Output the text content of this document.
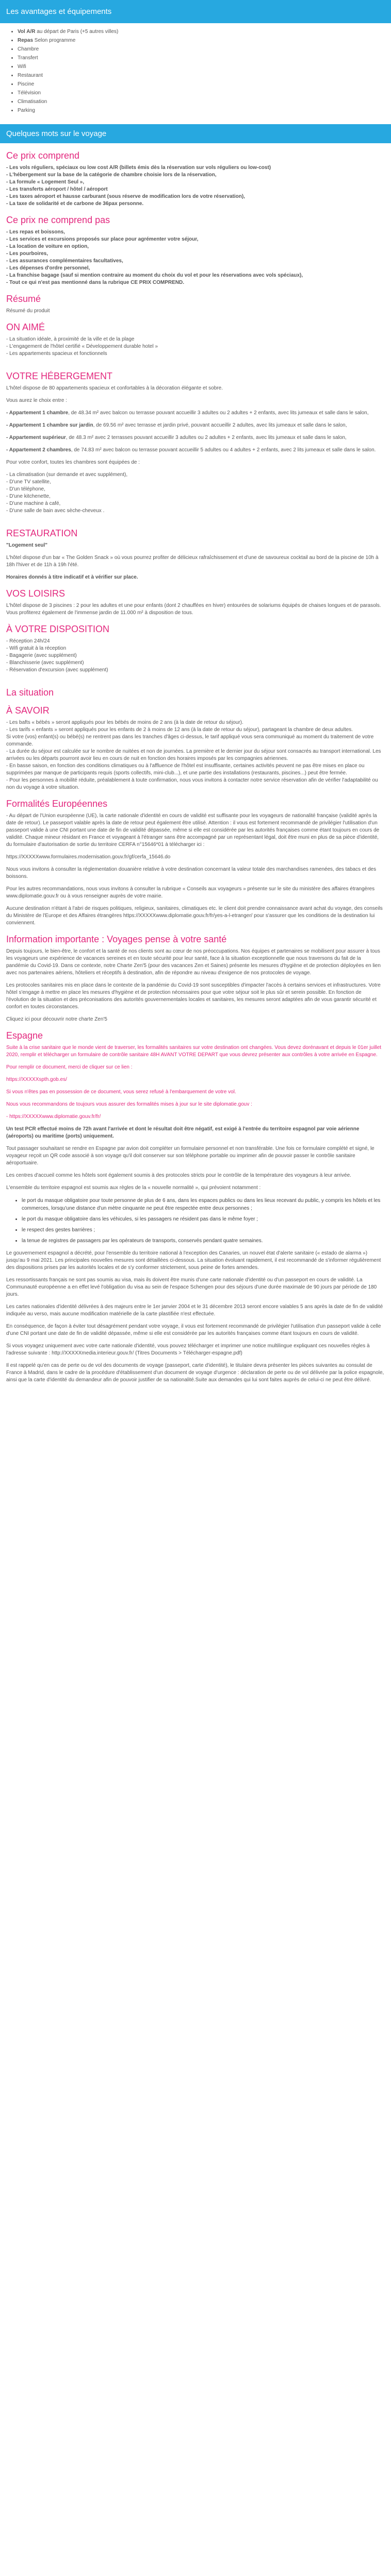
Les avantages et équipements
• Vol A/R au départ de Paris (+5 autres villes)
• Repas Selon programme
• Chambre
• Transfert
• Wifi
• Restaurant
• Piscine
• Télévision
• Climatisation
• Parking
Quelques mots sur le voyage
Ce prix comprend

- Les vols réguliers, spéciaux ou low cost A/R (billets émis dès la réservation sur vols réguliers ou low-cost)

- L'hébergement sur la base de la catégorie de chambre choisie lors de la réservation,

- La formule « Logement Seul »,

- Les transferts aéroport / hôtel / aéroport

- Les taxes aéroport et hausse carburant (sous réserve de modification lors de votre réservation),

- La taxe de solidarité et de carbone de 36pax personne.

Ce prix ne comprend pas

- Les repas et boissons,

- Les services et excursions proposés sur place pour agrémenter votre séjour,

- La location de voiture en option,

- Les pourboires,

- Les assurances complémentaires facultatives,

- Les dépenses d'ordre personnel,

- La franchise bagage (sauf si mention contraire au moment du choix du vol et pour les réservations avec vols spéciaux),

- Tout ce qui n'est pas mentionné dans la rubrique CE PRIX COMPREND.

Résumé

Résumé du produit

ON AIMÉ

- La situation idéale, à proximité de la ville et de la plage

- L'engagement de l'hôtel certifié « Développement durable hotel »

- Les appartements spacieux et fonctionnels

VOTRE HÉBERGEMENT

L'hôtel dispose de 80 appartements spacieux et confortables à la décoration élégante et sobre.

Vous aurez le choix entre :

- Appartement 1 chambre, de 48.34 m² avec balcon ou terrasse pouvant accueillir 3 adultes ou 2 adultes + 2 enfants, avec lits jumeaux et salle dans le salon,

- Appartement 1 chambre sur jardin, de 69.56 m² avec terrasse et jardin privé, pouvant accueillir 2 adultes, avec lits jumeaux et salle dans le salon,

- Appartement supérieur, de 48.3 m² avec 2 terrasses pouvant accueillir 3 adultes ou 2 adultes + 2 enfants, avec lits jumeaux et salle dans le salon,

- Appartement 2 chambres, de 74.83 m² avec balcon ou terrasse pouvant accueillir 5 adultes ou 4 adultes + 2 enfants, avec 2 lits jumeaux et salle dans le salon.

Pour votre confort, toutes les chambres sont équipées de :

- La climatisation (sur demande et avec supplément),

- D'une TV satellite,

- D'un téléphone,

- D'une kitchenette,

- D'une machine à café,

- D'une salle de bain avec sèche-cheveux .

RESTAURATION

"Logement seul"

L'hôtel dispose d'un bar « The Golden Snack » où vous pourrez profiter de délicieux rafraîchissement et d'une de savoureux cocktail au bord de la piscine de 10h à 18h l'hiver et de 11h à 19h l'été.

Horaires donnés à titre indicatif et à vérifier sur place.

VOS LOISIRS

L'hôtel dispose de 3 piscines : 2 pour les adultes et une pour enfants (dont 2 chauffées en hiver) entourées de solariums équipés de chaises longues et de parasols.
Vous profiterez également de l'immense jardin de 11.000 m² à disposition de tous.

À VOTRE DISPOSITION

- Réception 24h/24

- Wifi gratuit à la réception

- Bagagerie (avec supplément)

- Blanchisserie (avec supplément)

- Réservation d'excursion (avec supplément)

La situation
À SAVOIR

- Les bafts « bébés » seront appliqués pour les bébés de moins de 2 ans (à la date de retour du séjour).

- Les tarifs « enfants » seront appliqués pour les enfants de 2 à moins de 12 ans (à la date de retour du séjour), partageant la chambre de deux adultes.

Si votre (vos) enfant(s) ou bébé(s) ne rentrent pas dans les tranches d'âges ci-dessus, le tarif appliqué vous sera communiqué au moment du traitement de votre commande.

- La durée du séjour est calculée sur le nombre de nuitées et non de journées. La première et le dernier jour du séjour sont consacrés au transport international. Les arrivées ou les départs pourront avoir lieu en cours de nuit en fonction des horaires imposés par les compagnies aériennes.

- En basse saison, en fonction des conditions climatiques ou à l'affluence de l'hôtel est insuffisante, certaines activités peuvent ne pas être mises en place ou supprimées par manque de participants requis (sports collectifs, mini-club...), et une partie des installations (restaurants, piscines...) peut être fermée.

- Pour les personnes à mobilité réduite, préalablement à toute confirmation, nous vous invitons à contacter notre service réservation afin de vérifier l'adaptabilité ou non du voyage à votre situation.

Formalités Européennes

- Au départ de l'Union européenne (UE), la carte nationale d'identité en cours de validité est suffisante pour les voyageurs de nationalité française (validité après la date de retour). Le passeport valable après la date de retour peut également être utilisé. Attention : il vous est fortement recommandé de privilégier l'utilisation d'un passeport valide à une CNI portant une date de fin de validité dépassée, même si elle est considérée par les autorités françaises comme étant toujours en cours de validité. Chaque mineur résidant en France et voyageant à l'étranger sans être accompagné par un représentant légal, doit être muni en plus de sa pièce d'identité, du formulaire d'autorisation de sortie du territoire CERFA n°15646*01 à télécharger ici :

https://XXXXXwww.formulaires.modernisation.gouv.fr/gf/cerfa_15646.do

Nous vous invitons à consulter la réglementation douanière relative à votre destination concernant la valeur totale des marchandises ramenées, des tabacs et des boissons.

Pour les autres recommandations, nous vous invitons à consulter la rubrique « Conseils aux voyageurs » présente sur le site du ministère des affaires étrangères www.diplomatie.gouv.fr ou à vous renseigner auprès de votre mairie.

Aucune destination n'étant à l'abri de risques politiques, religieux, sanitaires, climatiques etc. le client doit prendre connaissance avant achat du voyage, des conseils du Ministère de l'Europe et des Affaires étrangères https://XXXXXwww.diplomatie.gouv.fr/fr/yes-a-l-etranger/ pour s'assurer que les conditions de la destination lui conviennent.

Information importante : Voyages pense à votre santé

Depuis toujours, le bien-être, le confort et la santé de nos clients sont au cœur de nos préoccupations. Nos équipes et partenaires se mobilisent pour assurer à tous les voyageurs une expérience de vacances sereines et en toute sécurité pour leur santé, face à la situation exceptionnelle que nous traversons du fait de la pandémie du Covid-19. Dans ce contexte, notre Charte Zen'5 (pour des vacances Zen et Saines) présente les mesures d'hygiène et de protection déployées en lien avec nos partenaires aériens, hôteliers et réceptifs à destination, afin de répondre au niveau d'exigence de nos protocoles de voyage.

Les protocoles sanitaires mis en place dans le contexte de la pandémie du Covid-19 sont susceptibles d'impacter l'accès à certains services et infrastructures. Votre hôtel s'engage à mettre en place les mesures d'hygiène et de protection nécessaires pour que votre séjour soit le plus sûr et serein possible. En fonction de l'évolution de la situation et des préconisations des autorités gouvernementales locales et sanitaires, les mesures seront adaptées afin de vous garantir sécurité et confort en toutes circonstances.

Cliquez ici pour découvrir notre charte Zen'5

Espagne

Suite à la crise sanitaire que le monde vient de traverser, les formalités sanitaires sur votre destination ont changées. Vous devez dorénavant et depuis le 01er juillet 2020, remplir et télécharger un formulaire de contrôle sanitaire 48H AVANT VOTRE DEPART que vous devrez présenter aux contrôles à votre arrivée en Espagne.

Pour remplir ce document, merci de cliquer sur ce lien :

https://XXXXXspth.gob.es/

Si vous n'êtes pas en possession de ce document, vous serez refusé à l'embarquement de votre vol.

Nous vous recommandons de toujours vous assurer des formalités mises à jour sur le site diplomatie.gouv :

- https://XXXXXwww.diplomatie.gouv.fr/fr/

Un test PCR effectué moins de 72h avant l'arrivée et dont le résultat doit être négatif, est exigé à l'entrée du territoire espagnol par voie aérienne (aéroports) ou maritime (ports) uniquement.

Tout passager souhaitant se rendre en Espagne par avion doit compléter un formulaire personnel et non transférable. Une fois ce formulaire complété et signé, le voyageur reçoit un QR code associé à son voyage qu'il doit conserver sur son téléphone portable ou imprimer afin de pouvoir passer le contrôle sanitaire aéroportuaire.

Les centres d'accueil comme les hôtels sont également soumis à des protocoles stricts pour le contrôle de la température des voyageurs à leur arrivée.

L'ensemble du territoire espagnol est soumis aux règles de la « nouvelle normalité », qui prévoient notamment :

• le port du masque obligatoire pour toute personne de plus de 6 ans, dans les espaces publics ou dans les lieux recevant du public, y compris les hôtels et les commerces, lorsqu'une distance d'un mètre cinquante ne peut être respectée entre deux personnes ;
• le port du masque obligatoire dans les véhicules, si les passagers ne résident pas dans le même foyer ;
• le respect des gestes barrières ;
• la tenue de registres de passagers par les opérateurs de transports, conservés pendant quatre semaines.

Le gouvernement espagnol a décrété, pour l'ensemble du territoire national à l'exception des Canaries, un nouvel état d'alerte sanitaire (« estado de alarma ») jusqu'au 9 mai 2021. Les principales nouvelles mesures sont détaillées ci-dessous. La situation évoluant rapidement, il est recommandé de s'informer régulièrement des dispositions prises par les autorités locales et de s'y conformer strictement, sous peine de fortes amendes.

Les ressortissants français ne sont pas soumis au visa, mais ils doivent être munis d'une carte nationale d'identité ou d'un passeport en cours de validité. La Communauté européenne a en effet levé l'obligation du visa au sein de l'espace Schengen pour des séjours d'une durée maximale de 90 jours par période de 180 jours.

Les cartes nationales d'identité délivrées à des majeurs entre le 1er janvier 2004 et le 31 décembre 2013 seront encore valables 5 ans après la date de fin de validité indiquée au verso, mais aucune modification matérielle de la carte plastifiée n'est effectuée.

En conséquence, de façon à éviter tout désagrément pendant votre voyage, il vous est fortement recommandé de privilégier l'utilisation d'un passeport valide à celle d'une CNI portant une date de fin de validité dépassée, même si elle est considérée par les autorités françaises comme étant toujours en cours de validité.

Si vous voyagez uniquement avec votre carte nationale d'identité, vous pouvez télécharger et imprimer une notice multilingue expliquant ces nouvelles règles à l'adresse suivante : http://XXXXXmedia.interieur.gouv.fr/ (Titres Documents > Télécharger-espagne.pdf)

Il est rappelé qu'en cas de perte ou de vol des documents de voyage (passeport, carte d'identité), le titulaire devra présenter les pièces suivantes au consulat de France à Madrid, dans le cadre de la procédure d'établissement d'un document de voyage d'urgence : déclaration de perte ou de vol délivrée par la police espagnole, ainsi que la carte d'identité du demandeur afin de pouvoir justifier de sa nationalité.Suite aux demandes qui lui sont faites auprès de celui-ci ne peut être délivré.
